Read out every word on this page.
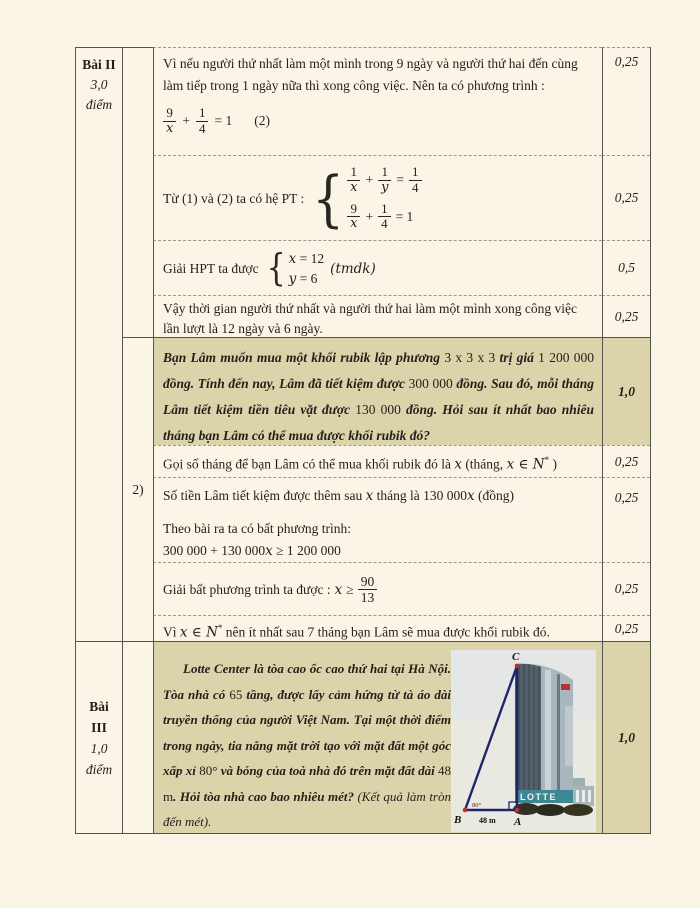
Bài II
3,0
điểm
2)
Vì nếu người thứ nhất làm một mình trong 9 ngày và người thứ hai đến cùng làm tiếp trong 1 ngày nữa thì xong công việc. Nên ta có phương trình :
9
$x + \frac{1}{4} = 1$ (2)
0,25
Từ (1) và (2) ta có hệ PT : { 1
$x + \frac{1}{y} = \frac{1}{4}$
9
$x + \frac{1}{4} = 1$
0,25
Giải HPT ta được { x = 12
y = 6
(tmdk)	0,5
Vậy thời gian người thứ nhất và người thứ hai làm một mình xong công việc lần lượt là 12 ngày và 6 ngày.
0,25
Bạn Lâm muốn mua một khối rubik lập phương 3 x 3 x 3 trị giá 1 200 000 đồng. Tính đến nay, Lâm đã tiết kiệm được 300 000 đồng. Sau đó, mỗi tháng Lâm tiết kiệm tiền tiêu vặt được 130 000 đồng. Hỏi sau ít nhất bao nhiêu tháng bạn Lâm có thể mua được khối rubik đó?
1,0
Gọi số tháng để bạn Lâm có thể mua khối rubik đó là x (tháng, x ∈ N* )	0,25
Số tiền Lâm tiết kiệm được thêm sau x tháng là 130 000x (đồng)
Theo bài ra ta có bất phương trình:
300 000 + 130 000x ≥ 1 200 000
0,25
Giải bất phương trình ta được : $x \ge \frac{90}{13}$	0,25
Vì x ∈ N* nên ít nhất sau 7 tháng bạn Lâm sẽ mua được khối rubik đó.	0,25
Bài
III
1,0
điểm
Lotte Center là tòa cao ốc cao thứ hai tại Hà Nội. Tòa nhà có 65 tầng, được lấy cảm hứng từ tà áo dài truyền thống của người Việt Nam. Tại một thời điểm trong ngày, tia nắng mặt trời tạo với mặt đất một góc xấp xỉ 80° và bóng của toà nhà đó trên mặt đất dài 48 m. Hỏi tòa nhà cao bao nhiêu mét? (Kết quả làm tròn đến mét).
LOTTE
C
B	A
48 m
80°
1,0
